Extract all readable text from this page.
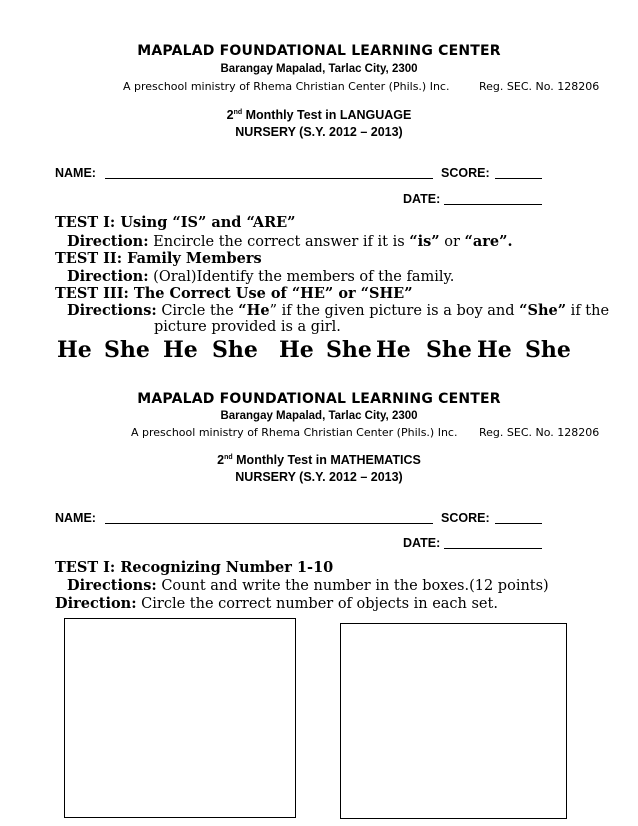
MAPALAD FOUNDATIONAL LEARNING CENTER
Barangay Mapalad, Tarlac City, 2300
A preschool ministry of Rhema Christian Center (Phils.) Inc.	Reg. SEC. No. 128206
2nd Monthly Test in LANGUAGE
NURSERY (S.Y. 2012 – 2013)
NAME:	SCORE:
DATE:
TEST I: Using “IS” and “ARE”
Direction: Encircle the correct answer if it is “is” or “are”.
TEST II: Family Members
Direction: (Oral)Identify the members of the family.
TEST III: The Correct Use of “HE” or “SHE”
Directions: Circle the “He” if the given picture is a boy and “She” if the
picture provided is a girl.
He She He She He She He She He She
MAPALAD FOUNDATIONAL LEARNING CENTER
Barangay Mapalad, Tarlac City, 2300
A preschool ministry of Rhema Christian Center (Phils.) Inc. Reg. SEC. No. 128206
2nd Monthly Test in MATHEMATICS
NURSERY (S.Y. 2012 – 2013)
NAME:	SCORE:
DATE:
TEST I: Recognizing Number 1-10
Directions: Count and write the number in the boxes.(12 points)
Direction: Circle the correct number of objects in each set.
